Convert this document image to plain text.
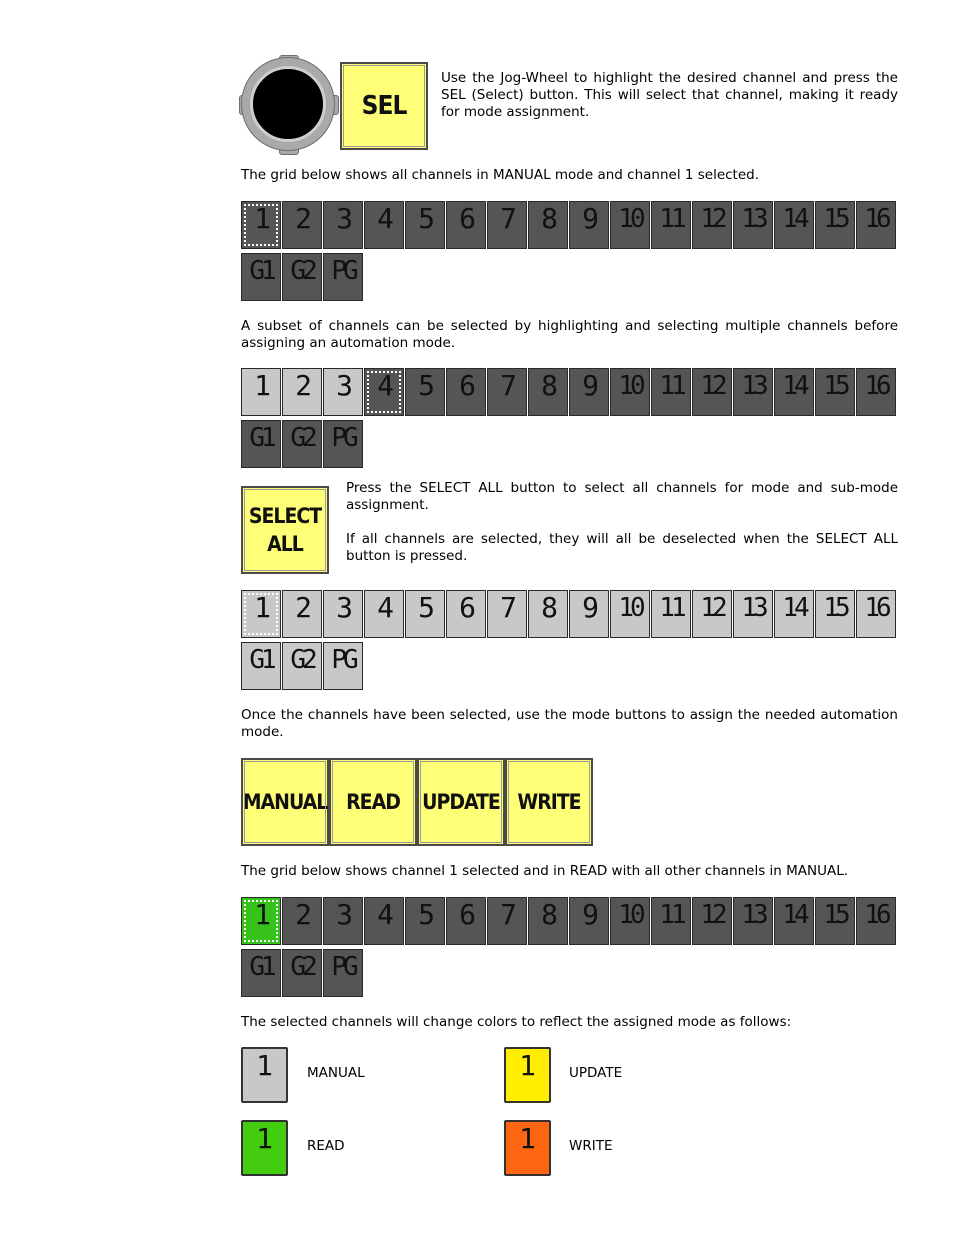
SEL
Use the Jog-Wheel to highlight the desired channel and press the SEL (Select) button. This will select that channel, making it ready for mode assignment.
The grid below shows all channels in MANUAL mode and channel 1 selected.
1 2 3 4 5 6 7 8 9 10 11 12 13 14 15 16
G1 G2 PG
A subset of channels can be selected by highlighting and selecting multiple channels before assigning an automation mode.
1 2 3 4 5 6 7 8 9 10 11 12 13 14 15 16
G1 G2 PG
SELECT
ALL
Press the SELECT ALL button to select all channels for mode and sub-mode assignment.
If all channels are selected, they will all be deselected when the SELECT ALL button is pressed.
1 2 3 4 5 6 7 8 9 10 11 12 13 14 15 16
G1 G2 PG
Once the channels have been selected, use the mode buttons to assign the needed automation mode.
MANUAL READ UPDATE WRITE
The grid below shows channel 1 selected and in READ with all other channels in MANUAL.
1 2 3 4 5 6 7 8 9 10 11 12 13 14 15 16
G1 G2 PG
The selected channels will change colors to reflect the assigned mode as follows:
1	MANUAL	1 UPDATE
1	READ	1 WRITE
